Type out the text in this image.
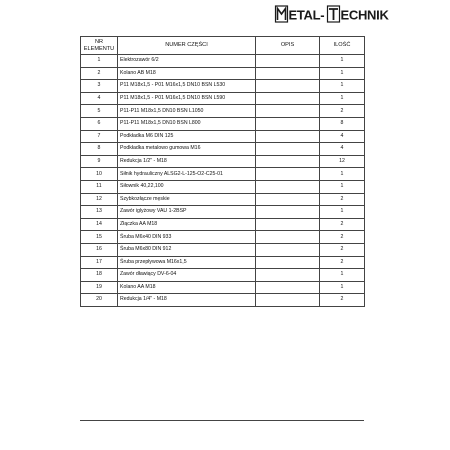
ETAL- ECHNIK
NR
ELEMENTU	NUMER CZĘŚCI	OPIS	ILOŚĆ
1	Elektrozawór 6/2		1
2	Kolano AB M18		1
3	P11 M18x1,5 - P01 M16x1,5 DN10 BSN L530		1
4	P11 M18x1,5 - P01 M16x1,5 DN10 BSN L590		1
5	P11-P11 M18x1,5 DN10 BSN L1050		2
6	P11-P11 M18x1,5 DN10 BSN L800		8
7	Podkładka M6 DIN 125		4
8	Podkładka metalowo gumowa M16		4
9	Redukcja 1/2" - M18		12
10	Siłnik hydrauliczny ALSG2-L-125-O2-C25-01		1
11	Siłownik 40,22,100		1
12	Szybkozłącze męskie		2
13	Zawór iglyżowy VAU 1-2BSP		1
14	Złączka AA M18		2
15	Śruba M6x40 DIN 933		2
16	Śruba M6x80 DIN 912		2
17	Śruba przepływowa M16x1,5		2
18	Zawór dławiący DV-6-04		1
19	Kolano AA M18		1
20	Redukcja 1/4" - M18		2
